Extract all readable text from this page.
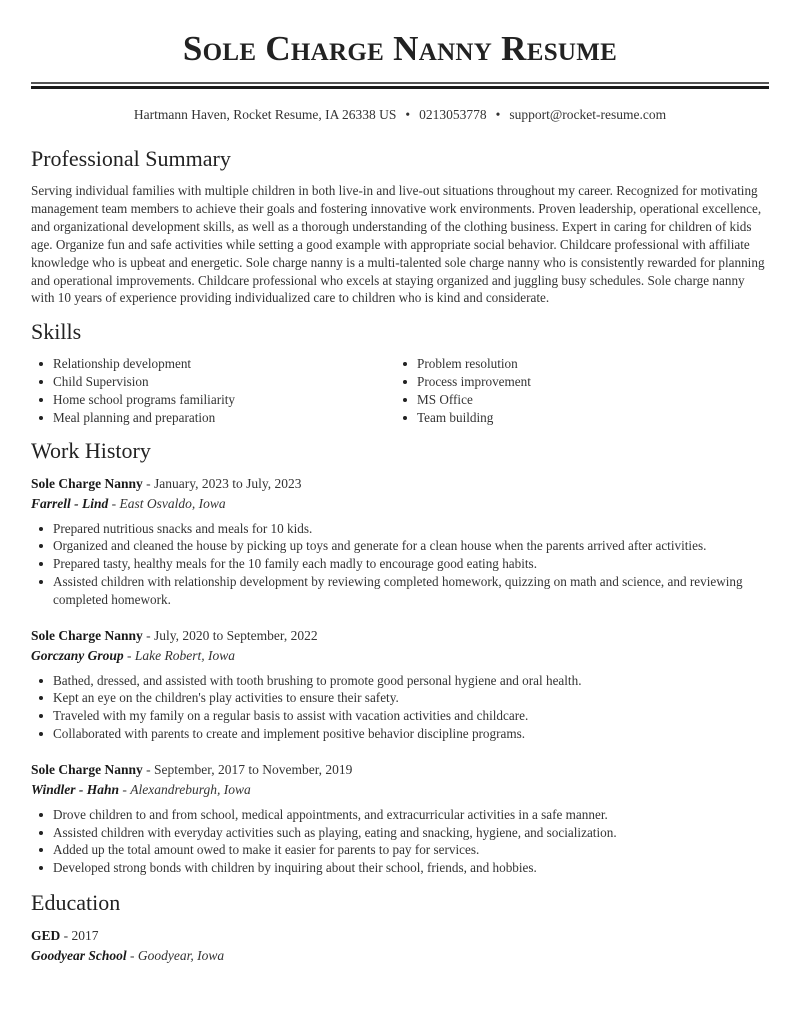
Sole Charge Nanny Resume
Hartmann Haven, Rocket Resume, IA 26338 US • 0213053778 • support@rocket-resume.com
Professional Summary

Serving individual families with multiple children in both live-in and live-out situations throughout my career. Recognized for motivating management team members to achieve their goals and fostering innovative work environments. Proven leadership, operational excellence, and organizational development skills, as well as a thorough understanding of the clothing business. Expert in caring for children of kids age. Organize fun and safe activities while setting a good example with appropriate social behavior. Childcare professional with affiliate knowledge who is upbeat and energetic. Sole charge nanny is a multi-talented sole charge nanny who is consistently rewarded for planning and operational improvements. Childcare professional who excels at staying organized and juggling busy schedules. Sole charge nanny with 10 years of experience providing individualized care to children who is kind and considerate.

Skills
Relationship development
Child Supervision
Home school programs familiarity
Meal planning and preparation
Problem resolution
Process improvement
MS Office
Team building
Work History
Sole Charge Nanny - January, 2023 to July, 2023
Farrell - Lind - East Osvaldo, Iowa
Prepared nutritious snacks and meals for 10 kids.
Organized and cleaned the house by picking up toys and generate for a clean house when the parents arrived after activities.
Prepared tasty, healthy meals for the 10 family each madly to encourage good eating habits.
Assisted children with relationship development by reviewing completed homework, quizzing on math and science, and reviewing completed homework.
Sole Charge Nanny - July, 2020 to September, 2022
Gorczany Group - Lake Robert, Iowa
Bathed, dressed, and assisted with tooth brushing to promote good personal hygiene and oral health.
Kept an eye on the children's play activities to ensure their safety.
Traveled with my family on a regular basis to assist with vacation activities and childcare.
Collaborated with parents to create and implement positive behavior discipline programs.
Sole Charge Nanny - September, 2017 to November, 2019
Windler - Hahn - Alexandreburgh, Iowa
Drove children to and from school, medical appointments, and extracurricular activities in a safe manner.
Assisted children with everyday activities such as playing, eating and snacking, hygiene, and socialization.
Added up the total amount owed to make it easier for parents to pay for services.
Developed strong bonds with children by inquiring about their school, friends, and hobbies.
Education
GED - 2017
Goodyear School - Goodyear, Iowa
